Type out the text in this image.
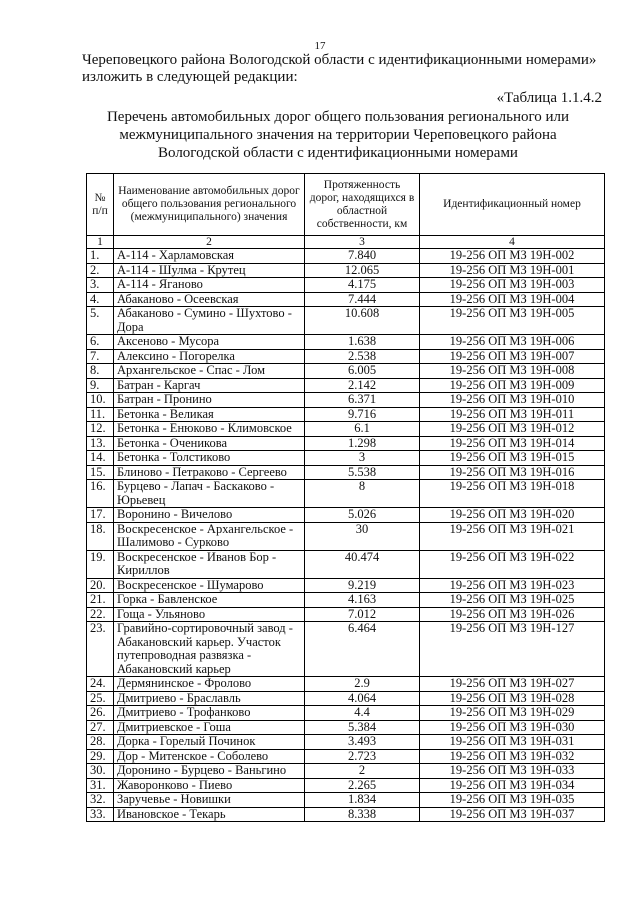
17

Череповецкого района Вологодской области с идентификационными номерами»

изложить в следующей редакции:

«Таблица 1.1.4.2

Перечень автомобильных дорог общего пользования регионального или

межмуниципального значения на территории Череповецкого района

Вологодской области с идентификационными номерами

№ п/п	Наименование автомобильных дорог общего пользования регионального (межмуниципального) значения	Протяженность дорог, находящихся в областной собственности, км	Идентификационный номер
1	2	3	4
1.	А-114 - Харламовская	7.840	19-256 ОП МЗ 19Н-002
2.	А-114 - Шулма - Крутец	12.065	19-256 ОП МЗ 19Н-001
3.	А-114 - Яганово	4.175	19-256 ОП МЗ 19Н-003
4.	Абаканово - Осеевская	7.444	19-256 ОП МЗ 19Н-004
5.	Абаканово - Сумино - Шухтово - Дора	10.608	19-256 ОП МЗ 19Н-005
6.	Аксеново - Мусора	1.638	19-256 ОП МЗ 19Н-006
7.	Алексино - Погорелка	2.538	19-256 ОП МЗ 19Н-007
8.	Архангельское - Спас - Лом	6.005	19-256 ОП МЗ 19Н-008
9.	Батран - Каргач	2.142	19-256 ОП МЗ 19Н-009
10.	Батран - Пронино	6.371	19-256 ОП МЗ 19Н-010
11.	Бетонка - Великая	9.716	19-256 ОП МЗ 19Н-011
12.	Бетонка - Енюково - Климовское	6.1	19-256 ОП МЗ 19Н-012
13.	Бетонка - Оченикова	1.298	19-256 ОП МЗ 19Н-014
14.	Бетонка - Толстиково	3	19-256 ОП МЗ 19Н-015
15.	Блиново - Петраково - Сергеево	5.538	19-256 ОП МЗ 19Н-016
16.	Бурцево - Лапач - Баскаково - Юрьевец	8	19-256 ОП МЗ 19Н-018
17.	Воронино - Вичелово	5.026	19-256 ОП МЗ 19Н-020
18.	Воскресенское - Архангельское - Шалимово - Сурково	30	19-256 ОП МЗ 19Н-021
19.	Воскресенское - Иванов Бор - Кириллов	40.474	19-256 ОП МЗ 19Н-022
20.	Воскресенское - Шумарово	9.219	19-256 ОП МЗ 19Н-023
21.	Горка - Бавленское	4.163	19-256 ОП МЗ 19Н-025
22.	Гоща - Ульяново	7.012	19-256 ОП МЗ 19Н-026
23.	Гравийно-сортировочный завод - Абакановский карьер. Участок путепроводная развязка - Абакановский карьер	6.464	19-256 ОП МЗ 19Н-127
24.	Дермянинское - Фролово	2.9	19-256 ОП МЗ 19Н-027
25.	Дмитриево - Браславль	4.064	19-256 ОП МЗ 19Н-028
26.	Дмитриево - Трофанково	4.4	19-256 ОП МЗ 19Н-029
27.	Дмитриевское - Гоша	5.384	19-256 ОП МЗ 19Н-030
28.	Дорка - Горелый Починок	3.493	19-256 ОП МЗ 19Н-031
29.	Дор - Митенское - Соболево	2.723	19-256 ОП МЗ 19Н-032
30.	Доронино - Бурцево - Ваньгино	2	19-256 ОП МЗ 19Н-033
31.	Жаворонково - Пиево	2.265	19-256 ОП МЗ 19Н-034
32.	Заручевье - Новишки	1.834	19-256 ОП МЗ 19Н-035
33.	Ивановское - Текарь	8.338	19-256 ОП МЗ 19Н-037
